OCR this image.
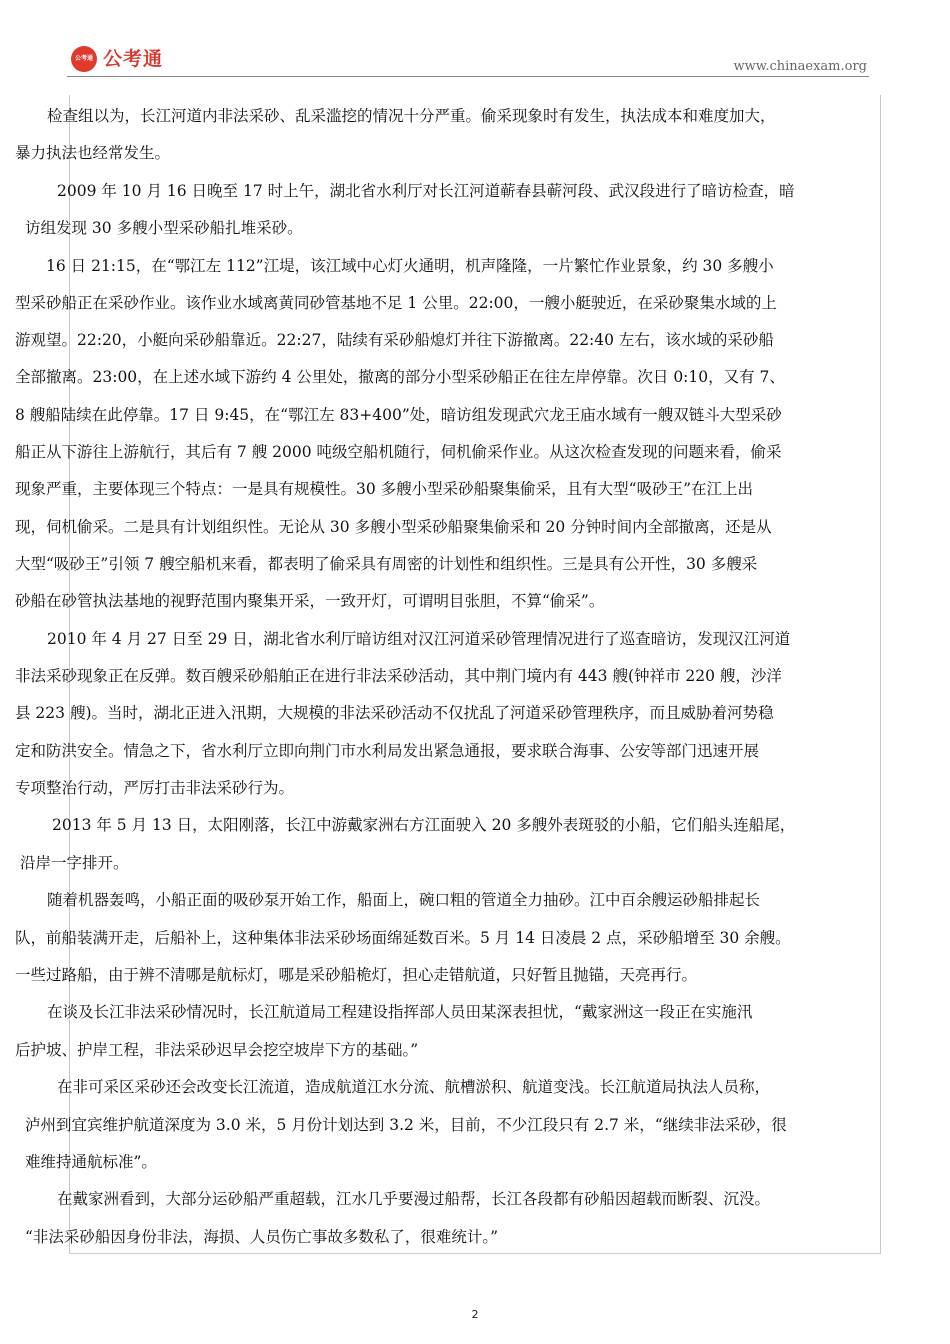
公考通 公考通	www.chinaexam.org
检查组以为，长江河道内非法采砂、乱采滥挖的情况十分严重。偷采现象时有发生，执法成本和难度加大，
暴力执法也经常发生。
2009 年 10 月 16 日晚至 17 时上午，湖北省水利厅对长江河道蕲春县蕲河段、武汉段进行了暗访检查，暗
访组发现 30 多艘小型采砂船扎堆采砂。
16 日 21:15，在“鄂江左 112”江堤，该江域中心灯火通明，机声隆隆，一片繁忙作业景象，约 30 多艘小
型采砂船正在采砂作业。该作业水域离黄同砂管基地不足 1 公里。22:00，一艘小艇驶近，在采砂聚集水域的上
游观望。22:20，小艇向采砂船靠近。22:27，陆续有采砂船熄灯并往下游撤离。22:40 左右，该水域的采砂船
全部撤离。23:00，在上述水域下游约 4 公里处，撤离的部分小型采砂船正在往左岸停靠。次日 0:10，又有 7、
8 艘船陆续在此停靠。17 日 9:45，在“鄂江左 83+400”处，暗访组发现武穴龙王庙水域有一艘双链斗大型采砂
船正从下游往上游航行，其后有 7 艘 2000 吨级空船机随行，伺机偷采作业。从这次检查发现的问题来看，偷采
现象严重，主要体现三个特点：一是具有规模性。30 多艘小型采砂船聚集偷采，且有大型“吸砂王”在江上出
现，伺机偷采。二是具有计划组织性。无论从 30 多艘小型采砂船聚集偷采和 20 分钟时间内全部撤离，还是从
大型“吸砂王”引领 7 艘空船机来看，都表明了偷采具有周密的计划性和组织性。三是具有公开性，30 多艘采
砂船在砂管执法基地的视野范围内聚集开采，一致开灯，可谓明目张胆，不算“偷采”。
2010 年 4 月 27 日至 29 日，湖北省水利厅暗访组对汉江河道采砂管理情况进行了巡查暗访，发现汉江河道
非法采砂现象正在反弹。数百艘采砂船舶正在进行非法采砂活动，其中荆门境内有 443 艘(钟祥市 220 艘，沙洋
县 223 艘)。当时，湖北正进入汛期，大规模的非法采砂活动不仅扰乱了河道采砂管理秩序，而且威胁着河势稳
定和防洪安全。情急之下，省水利厅立即向荆门市水利局发出紧急通报，要求联合海事、公安等部门迅速开展
专项整治行动，严厉打击非法采砂行为。
2013 年 5 月 13 日，太阳刚落，长江中游戴家洲右方江面驶入 20 多艘外表斑驳的小船，它们船头连船尾，
沿岸一字排开。
随着机器轰鸣，小船正面的吸砂泵开始工作，船面上，碗口粗的管道全力抽砂。江中百余艘运砂船排起长
队，前船装满开走，后船补上，这种集体非法采砂场面绵延数百米。5 月 14 日凌晨 2 点，采砂船增至 30 余艘。
一些过路船，由于辨不清哪是航标灯，哪是采砂船桅灯，担心走错航道，只好暂且抛锚，天亮再行。
在谈及长江非法采砂情况时，长江航道局工程建设指挥部人员田某深表担忧，“戴家洲这一段正在实施汛
后护坡、护岸工程，非法采砂迟早会挖空坡岸下方的基础。”
在非可采区采砂还会改变长江流道，造成航道江水分流、航槽淤积、航道变浅。长江航道局执法人员称，
泸州到宜宾维护航道深度为 3.0 米，5 月份计划达到 3.2 米，目前，不少江段只有 2.7 米，“继续非法采砂，很
难维持通航标准”。
在戴家洲看到，大部分运砂船严重超载，江水几乎要漫过船帮，长江各段都有砂船因超载而断裂、沉没。
“非法采砂船因身份非法，海损、人员伤亡事故多数私了，很难统计。”
2
